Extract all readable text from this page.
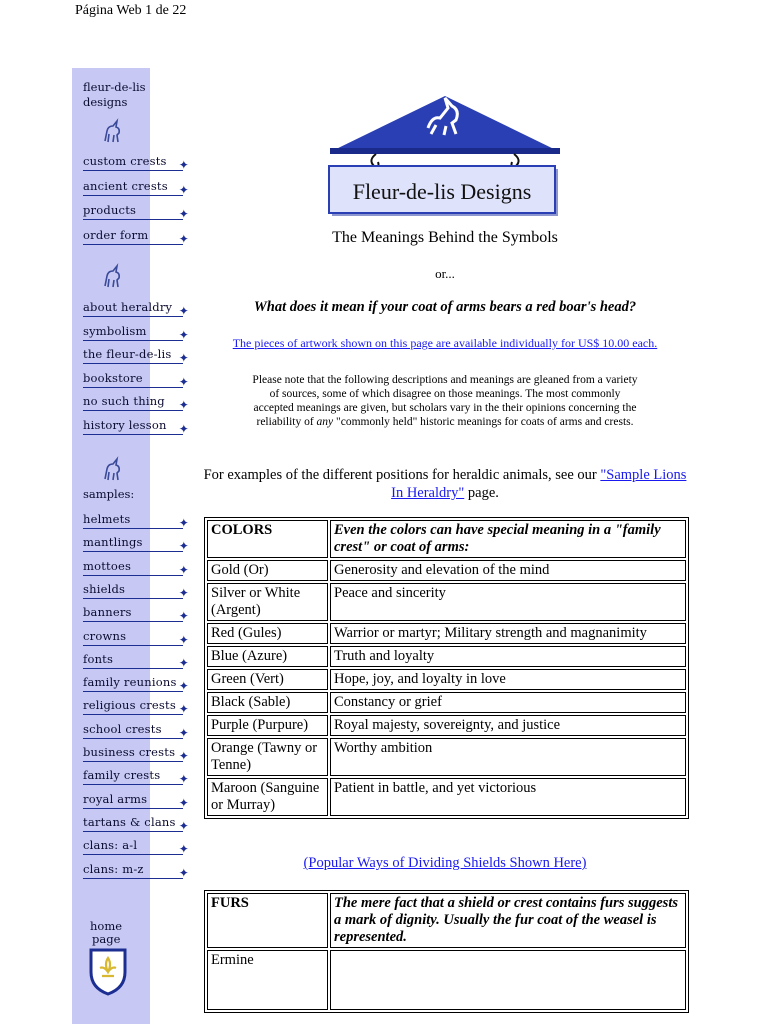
Página Web 1 de 22
fleur-de-lis
designs
custom crests ✦
ancient crests ✦
products	✦
order form	✦
about heraldry ✦
symbolism	✦
the fleur-de-lis ✦
bookstore	✦
no such thing ✦
history lesson ✦
samples:
helmets	✦
mantlings	✦
mottoes	✦
shields	✦
banners	✦
crowns	✦
fonts	✦
family reunions ✦
religious crests ✦
school crests ✦
business crests ✦
family crests ✦
royal arms	✦
tartans & clans ✦
clans: a-l	✦
clans: m-z	✦
home
page
Fleur-de-lis Designs
The Meanings Behind the Symbols
or...
What does it mean if your coat of arms bears a red boar's head?
The pieces of artwork shown on this page are available individually for US$ 10.00 each.
Please note that the following descriptions and meanings are gleaned from a variety of sources, some of which disagree on those meanings. The most commonly accepted meanings are given, but scholars vary in the their opinions concerning the reliability of any "commonly held" historic meanings for coats of arms and crests.
For examples of the different positions for heraldic animals, see our "Sample Lions In Heraldry" page.
COLORS	Even the colors can have special meaning in a "family crest" or coat of arms:
Gold (Or)	Generosity and elevation of the mind
Silver or White (Argent)	Peace and sincerity
Red (Gules)	Warrior or martyr; Military strength and magnanimity
Blue (Azure)	Truth and loyalty
Green (Vert)	Hope, joy, and loyalty in love
Black (Sable)	Constancy or grief
Purple (Purpure)	Royal majesty, sovereignty, and justice
Orange (Tawny or Tenne)	Worthy ambition
Maroon (Sanguine or Murray)	Patient in battle, and yet victorious
(Popular Ways of Dividing Shields Shown Here)
FURS	The mere fact that a shield or crest contains furs suggests a mark of dignity. Usually the fur coat of the weasel is represented.
Ermine	
